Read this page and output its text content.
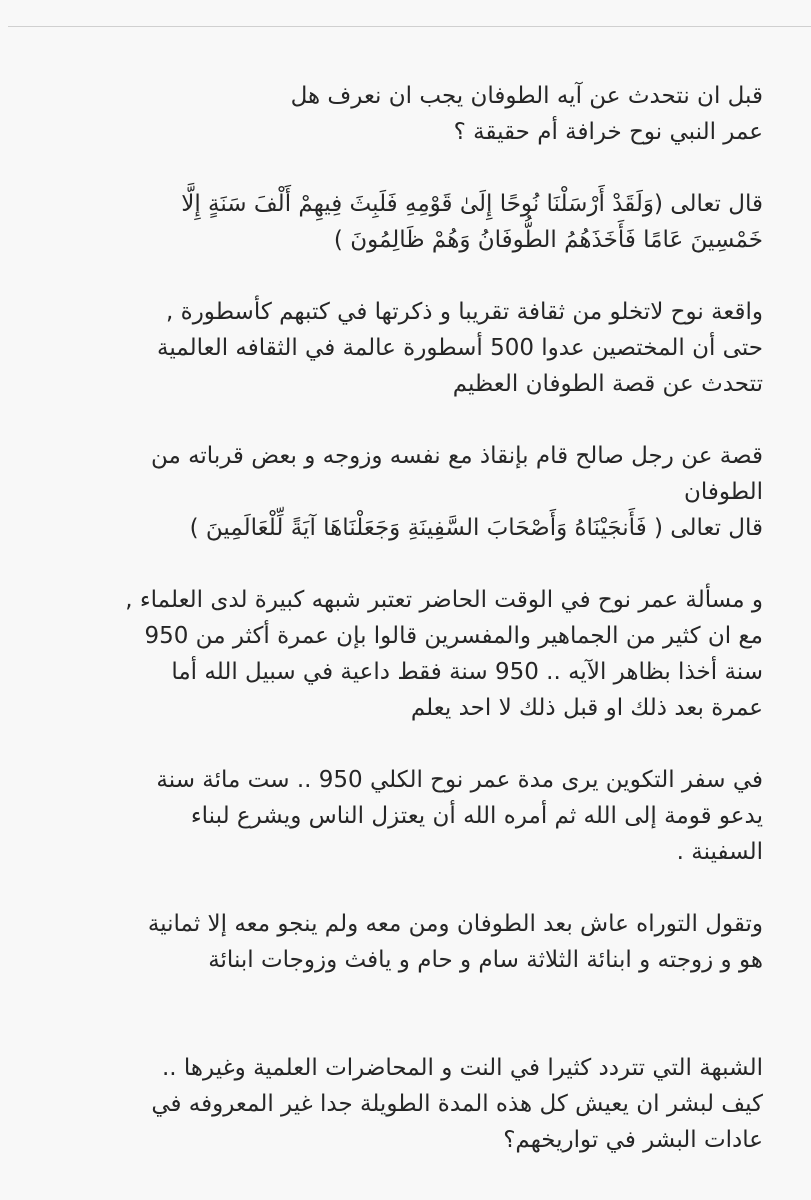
قبل ان نتحدث عن آيه الطوفان يجب ان نعرف هل
عمر النبي نوح خرافة أم حقيقة ؟

قال تعالى (وَلَقَدْ أَرْسَلْنَا نُوحًا إِلَىٰ قَوْمِهِ فَلَبِثَ فِيهِمْ أَلْفَ سَنَةٍ إِلَّا
خَمْسِينَ عَامًا فَأَخَذَهُمُ الطُّوفَانُ وَهُمْ ظَالِمُونَ )

واقعة نوح لاتخلو من ثقافة تقريبا و ذكرتها في كتبهم كأسطورة ,
حتى أن المختصين عدوا 500 أسطورة عالمة في الثقافه العالمية
تتحدث عن قصة الطوفان العظيم

قصة عن رجل صالح قام بإنقاذ مع نفسه وزوجه و بعض قرباته من
الطوفان
قال تعالى ( فَأَنجَيْنَاهُ وَأَصْحَابَ السَّفِينَةِ وَجَعَلْنَاهَا آيَةً لِّلْعَالَمِينَ )

و مسألة عمر نوح في الوقت الحاضر تعتبر شبهه كبيرة لدى العلماء ,
مع ان كثير من الجماهير والمفسرين قالوا بإن عمرة أكثر من 950
سنة أخذا بظاهر الآيه .. 950 سنة فقط داعية في سبيل الله أما
عمرة بعد ذلك او قبل ذلك لا احد يعلم

في سفر التكوين يرى مدة عمر نوح الكلي 950 .. ست مائة سنة
يدعو قومة إلى الله ثم أمره الله أن يعتزل الناس ويشرع لبناء
السفينة .

وتقول التوراه عاش بعد الطوفان ومن معه ولم ينجو معه إلا ثمانية
هو و زوجته و ابنائة الثلاثة سام و حام و يافث وزوجات ابنائة

الشبهة التي تتردد كثيرا في النت و المحاضرات العلمية وغيرها ..
كيف لبشر ان يعيش كل هذه المدة الطويلة جدا غير المعروفه في
عادات البشر في تواريخهم؟
